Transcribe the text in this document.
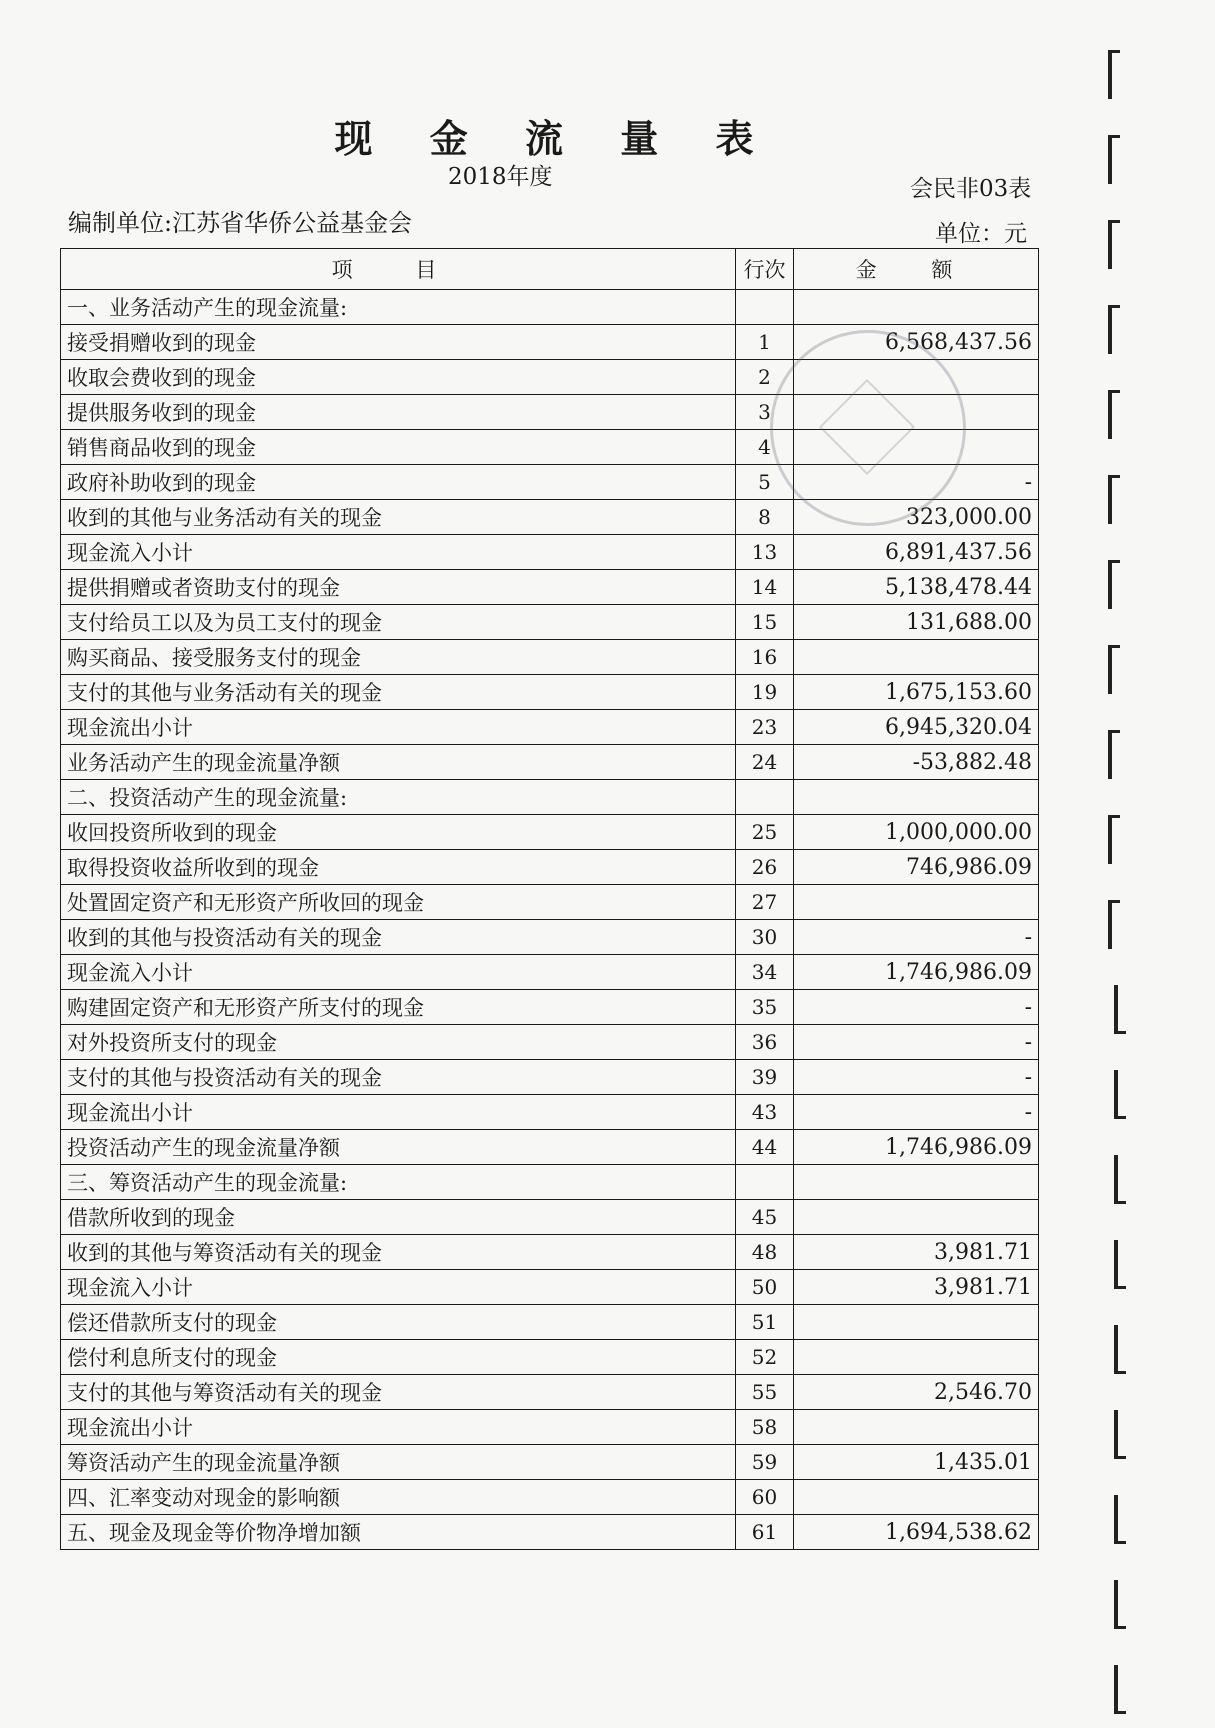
现 金 流 量 表
2018年度	会民非03表
编制单位:江苏省华侨公益基金会	单位：元
项 目	行次	金 额
一、业务活动产生的现金流量:		
接受捐赠收到的现金	1	6,568,437.56
收取会费收到的现金	2	
提供服务收到的现金	3	
销售商品收到的现金	4	
政府补助收到的现金	5	-
收到的其他与业务活动有关的现金	8	323,000.00
现金流入小计	13	6,891,437.56
提供捐赠或者资助支付的现金	14	5,138,478.44
支付给员工以及为员工支付的现金	15	131,688.00
购买商品、接受服务支付的现金	16	
支付的其他与业务活动有关的现金	19	1,675,153.60
现金流出小计	23	6,945,320.04
业务活动产生的现金流量净额	24	-53,882.48
二、投资活动产生的现金流量:		
收回投资所收到的现金	25	1,000,000.00
取得投资收益所收到的现金	26	746,986.09
处置固定资产和无形资产所收回的现金	27	
收到的其他与投资活动有关的现金	30	-
现金流入小计	34	1,746,986.09
购建固定资产和无形资产所支付的现金	35	-
对外投资所支付的现金	36	-
支付的其他与投资活动有关的现金	39	-
现金流出小计	43	-
投资活动产生的现金流量净额	44	1,746,986.09
三、筹资活动产生的现金流量:		
借款所收到的现金	45	
收到的其他与筹资活动有关的现金	48	3,981.71
现金流入小计	50	3,981.71
偿还借款所支付的现金	51	
偿付利息所支付的现金	52	
支付的其他与筹资活动有关的现金	55	2,546.70
现金流出小计	58	
筹资活动产生的现金流量净额	59	1,435.01
四、汇率变动对现金的影响额	60	
五、现金及现金等价物净增加额	61	1,694,538.62
